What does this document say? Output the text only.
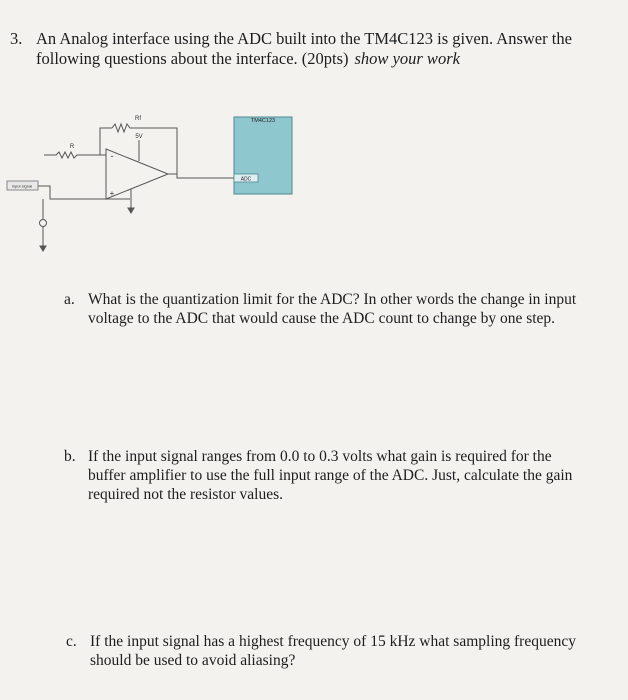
3. An Analog interface using the ADC built into the TM4C123 is given. Answer the
following questions about the interface. (20pts) show your work
TM4C123
ADC
input signal
Rf
R
5V
-
+
a. What is the quantization limit for the ADC? In other words the change in input
voltage to the ADC that would cause the ADC count to change by one step.
b. If the input signal ranges from 0.0 to 0.3 volts what gain is required for the
buffer amplifier to use the full input range of the ADC. Just, calculate the gain
required not the resistor values.
c. If the input signal has a highest frequency of 15 kHz what sampling frequency
should be used to avoid aliasing?
